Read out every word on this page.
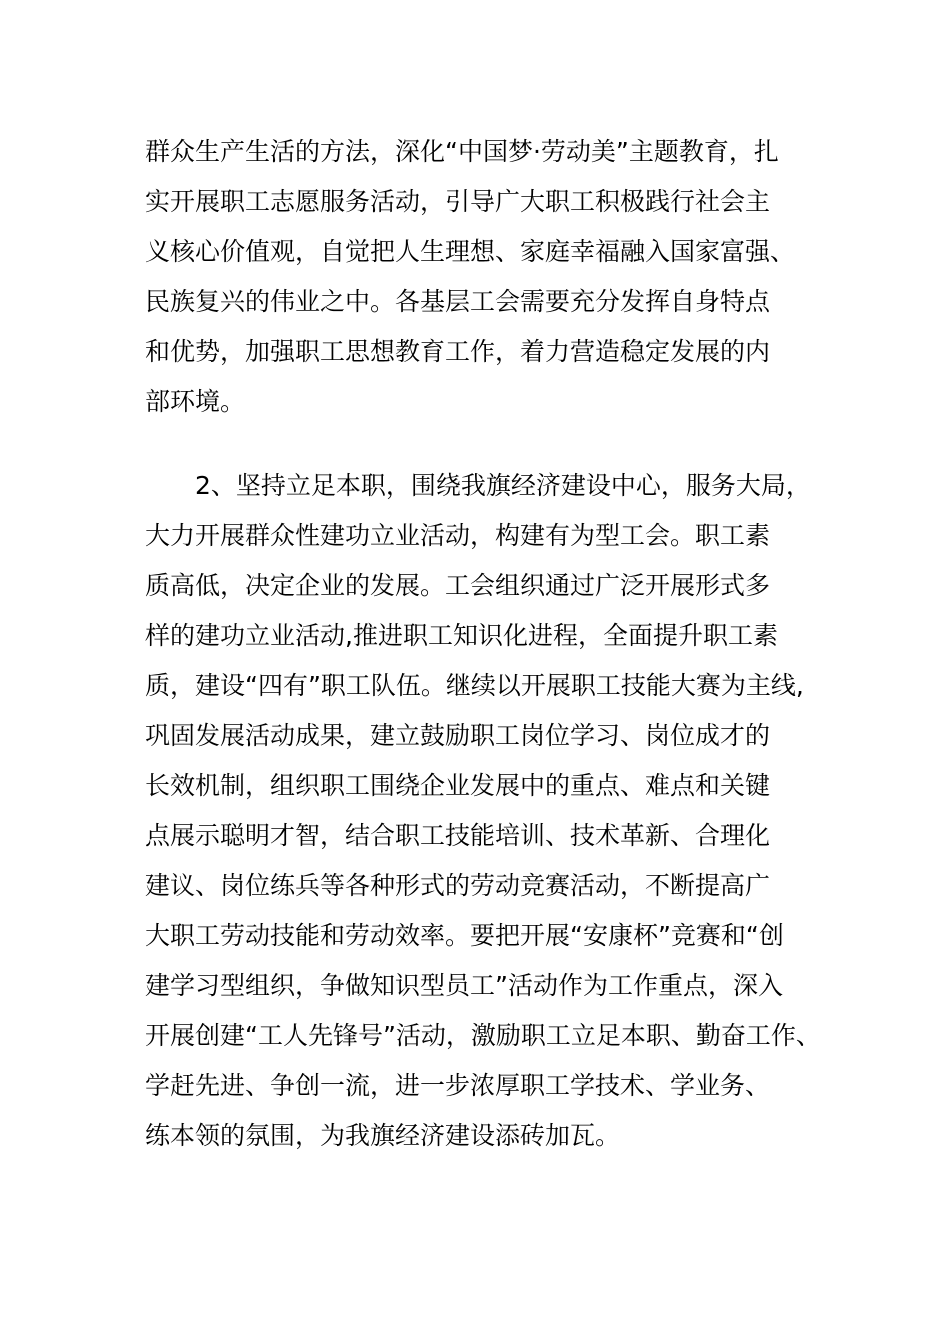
群众生产生活的方法，深化“中国梦·劳动美”主题教育，扎
实开展职工志愿服务活动，引导广大职工积极践行社会主
义核心价值观，自觉把人生理想、家庭幸福融入国家富强、
民族复兴的伟业之中。各基层工会需要充分发挥自身特点
和优势，加强职工思想教育工作，着力营造稳定发展的内
部环境。
　　2、坚持立足本职，围绕我旗经济建设中心，服务大局，
大力开展群众性建功立业活动，构建有为型工会。职工素
质高低，决定企业的发展。工会组织通过广泛开展形式多
样的建功立业活动,推进职工知识化进程，全面提升职工素
质，建设“四有”职工队伍。继续以开展职工技能大赛为主线,
巩固发展活动成果，建立鼓励职工岗位学习、岗位成才的
长效机制，组织职工围绕企业发展中的重点、难点和关键
点展示聪明才智，结合职工技能培训、技术革新、合理化
建议、岗位练兵等各种形式的劳动竞赛活动，不断提高广
大职工劳动技能和劳动效率。要把开展“安康杯”竞赛和“创
建学习型组织，争做知识型员工”活动作为工作重点，深入
开展创建“工人先锋号”活动，激励职工立足本职、勤奋工作、
学赶先进、争创一流，进一步浓厚职工学技术、学业务、
练本领的氛围，为我旗经济建设添砖加瓦。
